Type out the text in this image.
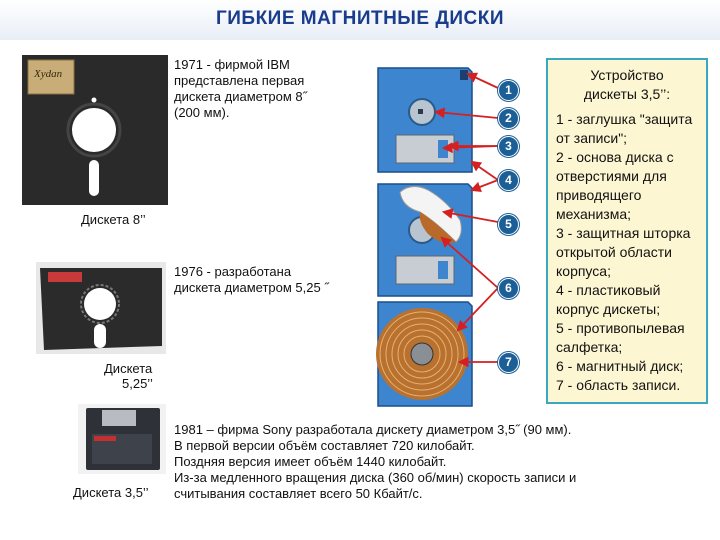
ГИБКИЕ МАГНИТНЫЕ ДИСКИ
Xydan
Дискета 8’’
1971 - фирмой IBM
представлена первая
дискета диаметром 8˝
(200 мм).
Дискета
5,25’’
1976 - разработана
дискета диаметром 5,25 ˝
Дискета 3,5’’
1981 – фирма Sony разработала дискету диаметром 3,5˝ (90 мм).
В первой версии объём составляет 720 килобайт.
Поздняя версия имеет объём 1440 килобайт.
Из-за медленного вращения диска (360 об/мин) скорость записи и
считывания составляет всего 50 Кбайт/с.
1
2
3
4
5
6
7
Устройство
дискеты 3,5’’:
1 - заглушка "защита от записи";
2 - основа диска с отверстиями для приводящего механизма;
3 - защитная шторка открытой области корпуса;
4 - пластиковый корпус дискеты;
5 - противопылевая салфетка;
6 - магнитный диск;
7 - область записи.
